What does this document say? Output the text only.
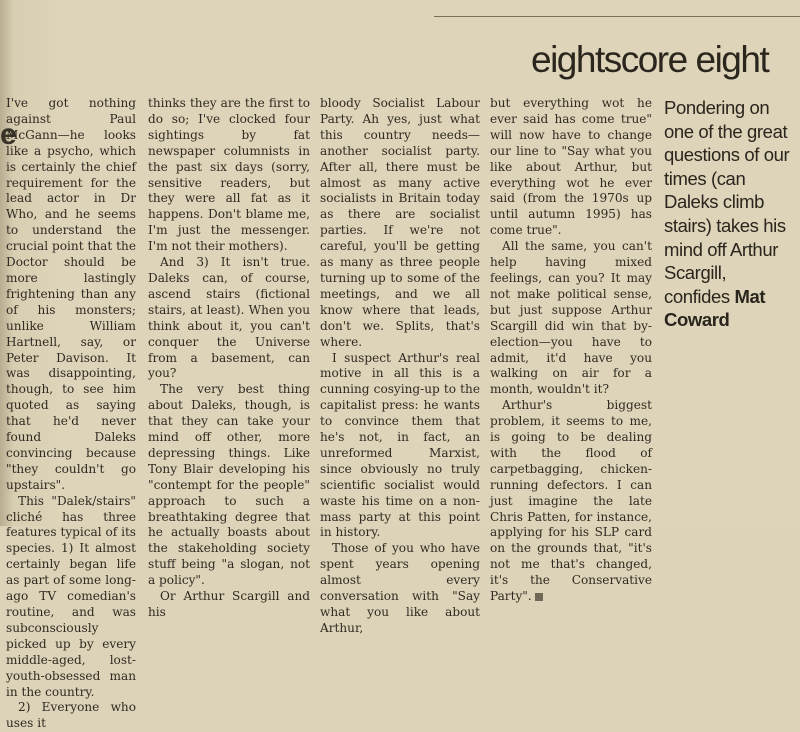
e
eightscore eight

I've got nothing against Paul McGann—he looks like a psycho, which is certainly the chief requirement for the lead actor in Dr Who, and he seems to understand the crucial point that the Doctor should be more lastingly frightening than any of his monsters; unlike William Hartnell, say, or Peter Davison. It was disappointing, though, to see him quoted as saying that he'd never found Daleks convincing because "they couldn't go upstairs".

This "Dalek/stairs" cliché has three features typical of its species. 1) It almost certainly began life as part of some long-ago TV comedian's routine, and was subconsciously picked up by every middle-aged, lost-youth-obsessed man in the country.

2) Everyone who uses it

thinks they are the first to do so; I've clocked four sightings by fat newspaper columnists in the past six days (sorry, sensitive readers, but they were all fat as it happens. Don't blame me, I'm just the messenger. I'm not their mothers).

And 3) It isn't true. Daleks can, of course, ascend stairs (fictional stairs, at least). When you think about it, you can't conquer the Universe from a basement, can you?

The very best thing about Daleks, though, is that they can take your mind off other, more depressing things. Like Tony Blair developing his "contempt for the people" approach to such a breathtaking degree that he actually boasts about the stakeholding society stuff being "a slogan, not a policy".

Or Arthur Scargill and his

bloody Socialist Labour Party. Ah yes, just what this country needs—another socialist party. After all, there must be almost as many active socialists in Britain today as there are socialist parties. If we're not careful, you'll be getting as many as three people turning up to some of the meetings, and we all know where that leads, don't we. Splits, that's where.

I suspect Arthur's real motive in all this is a cunning cosying-up to the capitalist press: he wants to convince them that he's not, in fact, an unreformed Marxist, since obviously no truly scientific socialist would waste his time on a non-mass party at this point in history.

Those of you who have spent years opening almost every conversation with "Say what you like about Arthur,

but everything wot he ever said has come true" will now have to change our line to "Say what you like about Arthur, but everything wot he ever said (from the 1970s up until autumn 1995) has come true".

All the same, you can't help having mixed feelings, can you? It may not make political sense, but just suppose Arthur Scargill did win that by-election—you have to admit, it'd have you walking on air for a month, wouldn't it?

Arthur's biggest problem, it seems to me, is going to be dealing with the flood of carpetbagging, chicken-running defectors. I can just imagine the late Chris Patten, for instance, applying for his SLP card on the grounds that, "it's not me that's changed, it's the Conservative Party".

Pondering on one of the great questions of our times (can Daleks climb stairs) takes his mind off Arthur Scargill, confides Mat Coward
